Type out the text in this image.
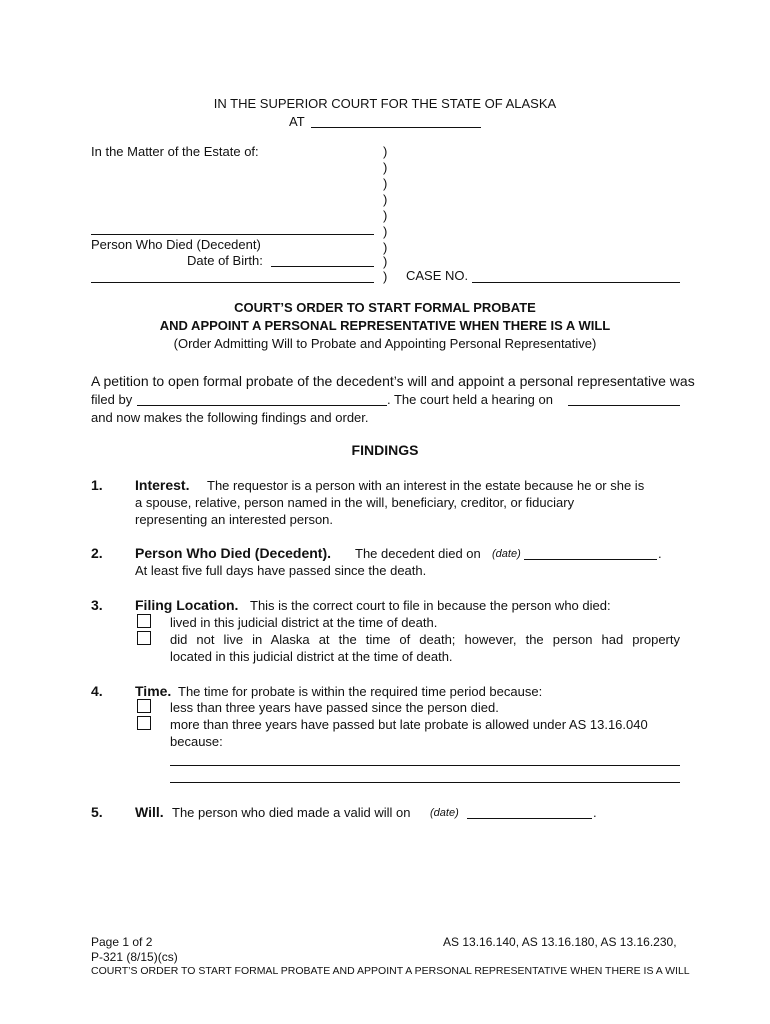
IN THE SUPERIOR COURT FOR THE STATE OF ALASKA
AT
In the Matter of the Estate of:
Person Who Died (Decedent)
Date of Birth:
)
)
)
)
)
)
)
)
) CASE NO.
COURT’S ORDER TO START FORMAL PROBATE
AND APPOINT A PERSONAL REPRESENTATIVE WHEN THERE IS A WILL
(Order Admitting Will to Probate and Appointing Personal Representative)
A petition to open formal probate of the decedent’s will and appoint a personal representative was
filed by	. The court held a hearing on
and now makes the following findings and order.
FINDINGS
1. Interest. The requestor is a person with an interest in the estate because he or she is
a spouse, relative, person named in the will, beneficiary, creditor, or fiduciary
representing an interested person.
2. Person Who Died (Decedent). The decedent died on (date)	.
At least five full days have passed since the death.
3. Filing Location. This is the correct court to file in because the person who died:
lived in this judicial district at the time of death.
did not live in Alaska at the time of death; however, the person had property
located in this judicial district at the time of death.
4. Time. The time for probate is within the required time period because:
less than three years have passed since the person died.
more than three years have passed but late probate is allowed under AS 13.16.040
because:
5. Will. The person who died made a valid will on (date)	.
Page 1 of 2	AS 13.16.140, AS 13.16.180, AS 13.16.230,
P-321 (8/15)(cs)
COURT’S ORDER TO START FORMAL PROBATE AND APPOINT A PERSONAL REPRESENTATIVE WHEN THERE IS A WILL
